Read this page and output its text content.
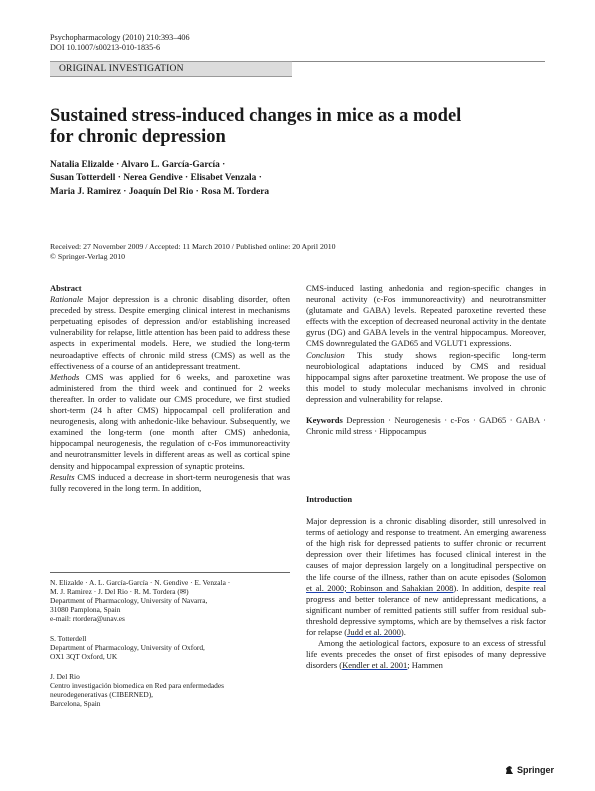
Psychopharmacology (2010) 210:393–406
DOI 10.1007/s00213-010-1835-6
ORIGINAL INVESTIGATION
Sustained stress-induced changes in mice as a model
for chronic depression
Natalia Elizalde · Alvaro L. García-García ·
Susan Totterdell · Nerea Gendive · Elisabet Venzala ·
Maria J. Ramirez · Joaquín Del Rio · Rosa M. Tordera
Received: 27 November 2009 / Accepted: 11 March 2010 / Published online: 20 April 2010
© Springer-Verlag 2010
Abstract

Rationale Major depression is a chronic disabling disorder, often preceded by stress. Despite emerging clinical interest in mechanisms perpetuating episodes of depression and/or establishing increased vulnerability for relapse, little attention has been paid to address these aspects in experimental models. Here, we studied the long-term neuroadaptive effects of chronic mild stress (CMS) as well as the effectiveness of a course of an antidepressant treatment.

Methods CMS was applied for 6 weeks, and paroxetine was administered from the third week and continued for 2 weeks thereafter. In order to validate our CMS procedure, we first studied short-term (24 h after CMS) hippocampal cell proliferation and neurogenesis, along with anhedonic-like behaviour. Subsequently, we examined the long-term (one month after CMS) anhedonia, hippocampal neurogenesis, the regulation of c-Fos immunoreactivity and neurotransmitter levels in different areas as well as cortical spine density and hippocampal expression of synaptic proteins.

Results CMS induced a decrease in short-term neurogenesis that was fully recovered in the long term. In addition,

N. Elizalde · A. L. García-García · N. Gendive · E. Venzala ·
M. J. Ramirez · J. Del Rio · R. M. Tordera (✉)
Department of Pharmacology, University of Navarra,
31080 Pamplona, Spain
e-mail: rtordera@unav.es
S. Totterdell
Department of Pharmacology, University of Oxford,
OX1 3QT Oxford, UK
J. Del Rio
Centro investigación biomedica en Red para enfermedades
neurodegenerativas (CIBERNED),
Barcelona, Spain

CMS-induced lasting anhedonia and region-specific changes in neuronal activity (c-Fos immunoreactivity) and neurotransmitter (glutamate and GABA) levels. Repeated paroxetine reverted these effects with the exception of decreased neuronal activity in the dentate gyrus (DG) and GABA levels in the ventral hippocampus. Moreover, CMS downregulated the GAD65 and VGLUT1 expressions.

Conclusion This study shows region-specific long-term neurobiological adaptations induced by CMS and residual hippocampal signs after paroxetine treatment. We propose the use of this model to study molecular mechanisms involved in chronic depression and vulnerability for relapse.

Keywords Depression · Neurogenesis · c-Fos · GAD65 · GABA · Chronic mild stress · Hippocampus

Introduction

Major depression is a chronic disabling disorder, still unresolved in terms of aetiology and response to treatment. An emerging awareness of the high risk for depressed patients to suffer chronic or recurrent depression over their lifetimes has focused clinical interest in the causes of major depression largely on a longitudinal perspective on the life course of the illness, rather than on acute episodes (Solomon et al. 2000; Robinson and Sahakian 2008). In addition, despite real progress and better tolerance of new antidepressant medications, a significant number of remitted patients still suffer from residual sub-threshold depressive symptoms, which are by themselves a risk factor for relapse (Judd et al. 2000).

Among the aetiological factors, exposure to an excess of stressful life events precedes the onset of first episodes of many depressive disorders (Kendler et al. 2001; Hammen

Springer
